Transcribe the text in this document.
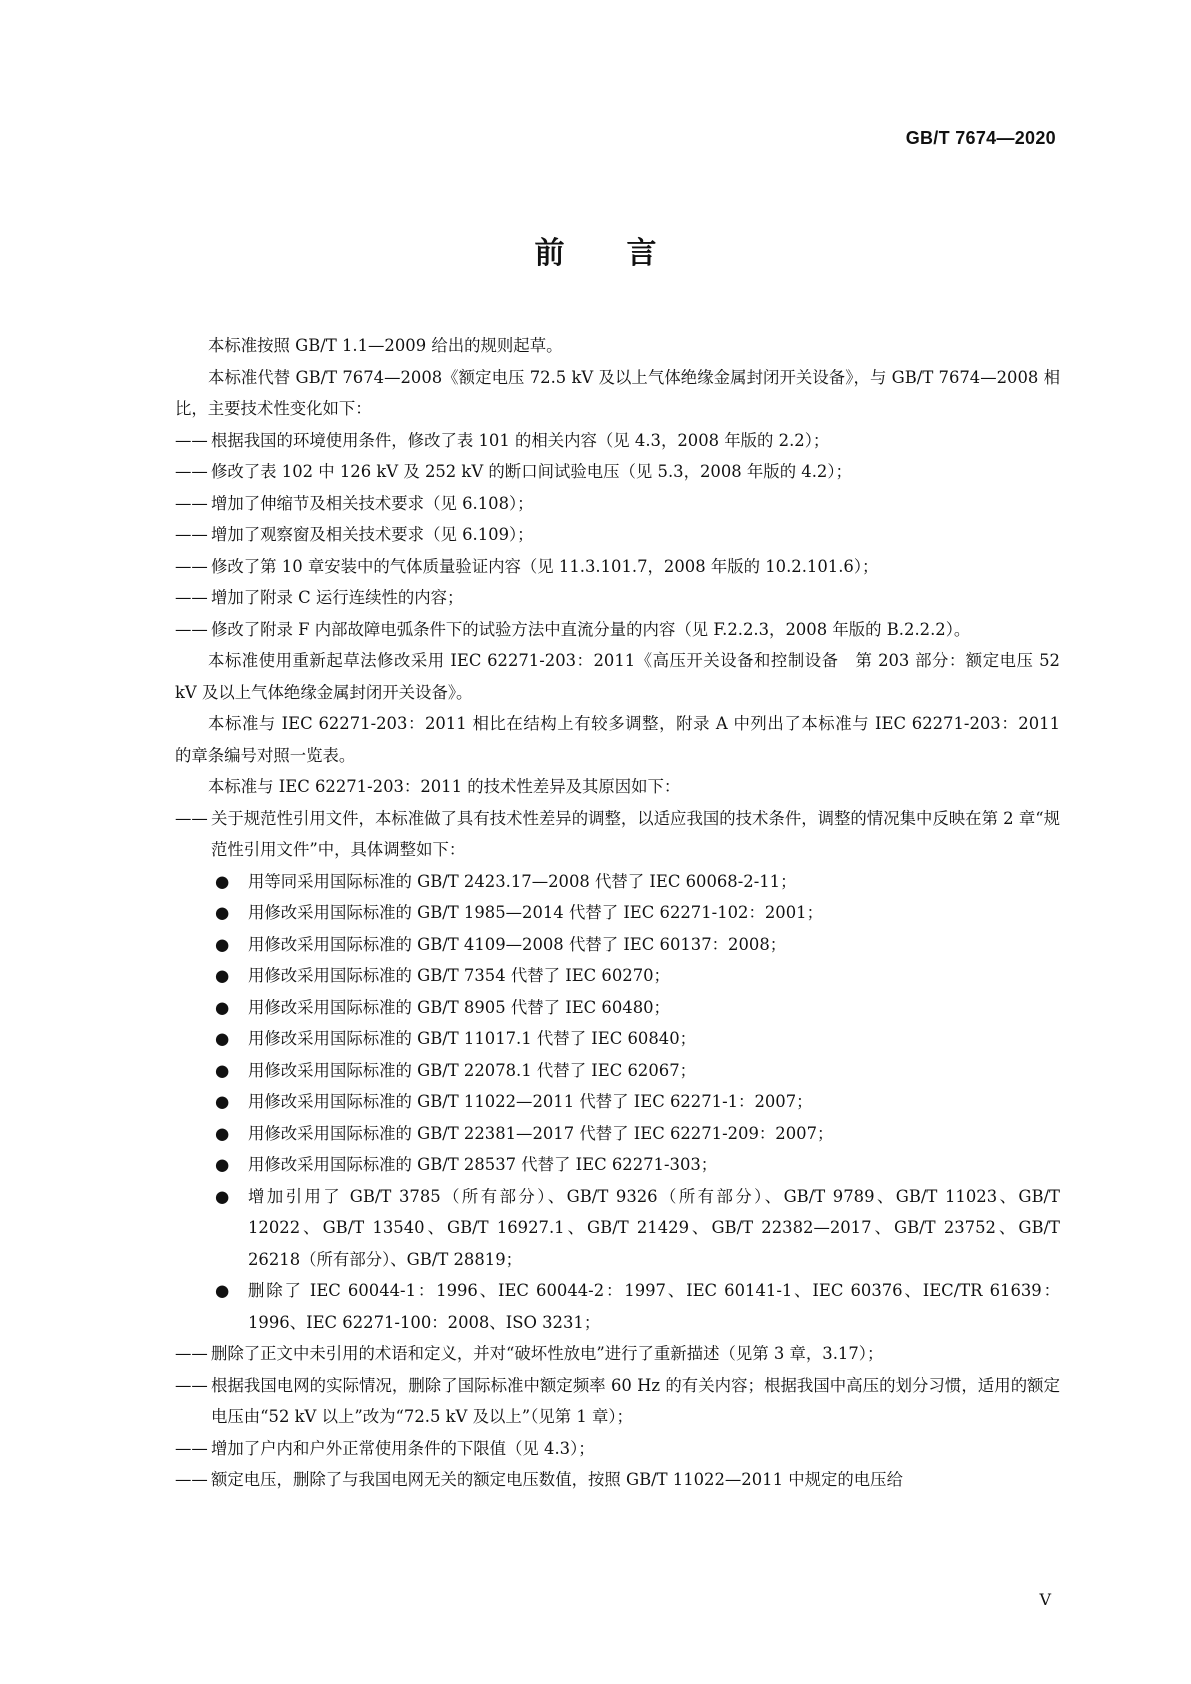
GB/T 7674—2020
前 言

本标准按照 GB/T 1.1—2009 给出的规则起草。

本标准代替 GB/T 7674—2008《额定电压 72.5 kV 及以上气体绝缘金属封闭开关设备》，与 GB/T 7674—2008 相比，主要技术性变化如下：

—— 根据我国的环境使用条件，修改了表 101 的相关内容（见 4.3，2008 年版的 2.2）；
—— 修改了表 102 中 126 kV 及 252 kV 的断口间试验电压（见 5.3，2008 年版的 4.2）；
—— 增加了伸缩节及相关技术要求（见 6.108）；
—— 增加了观察窗及相关技术要求（见 6.109）；
—— 修改了第 10 章安装中的气体质量验证内容（见 11.3.101.7，2008 年版的 10.2.101.6）；
—— 增加了附录 C 运行连续性的内容；
—— 修改了附录 F 内部故障电弧条件下的试验方法中直流分量的内容（见 F.2.2.3，2008 年版的 B.2.2.2）。

本标准使用重新起草法修改采用 IEC 62271-203：2011《高压开关设备和控制设备　第 203 部分：额定电压 52 kV 及以上气体绝缘金属封闭开关设备》。

本标准与 IEC 62271-203：2011 相比在结构上有较多调整，附录 A 中列出了本标准与 IEC 62271-203：2011 的章条编号对照一览表。

本标准与 IEC 62271-203：2011 的技术性差异及其原因如下：

—— 关于规范性引用文件，本标准做了具有技术性差异的调整，以适应我国的技术条件，调整的情况集中反映在第 2 章“规范性引用文件”中，具体调整如下：
● 用等同采用国际标准的 GB/T 2423.17—2008 代替了 IEC 60068-2-11；
● 用修改采用国际标准的 GB/T 1985—2014 代替了 IEC 62271-102：2001；
● 用修改采用国际标准的 GB/T 4109—2008 代替了 IEC 60137：2008；
● 用修改采用国际标准的 GB/T 7354 代替了 IEC 60270；
● 用修改采用国际标准的 GB/T 8905 代替了 IEC 60480；
● 用修改采用国际标准的 GB/T 11017.1 代替了 IEC 60840；
● 用修改采用国际标准的 GB/T 22078.1 代替了 IEC 62067；
● 用修改采用国际标准的 GB/T 11022—2011 代替了 IEC 62271-1：2007；
● 用修改采用国际标准的 GB/T 22381—2017 代替了 IEC 62271-209：2007；
● 用修改采用国际标准的 GB/T 28537 代替了 IEC 62271-303；
● 增加引用了 GB/T 3785（所有部分）、GB/T 9326（所有部分）、GB/T 9789、GB/T 11023、GB/T 12022、GB/T 13540、GB/T 16927.1、GB/T 21429、GB/T 22382—2017、GB/T 23752、GB/T 26218（所有部分）、GB/T 28819；
● 删除了 IEC 60044-1：1996、IEC 60044-2：1997、IEC 60141-1、IEC 60376、IEC/TR 61639：1996、IEC 62271-100：2008、ISO 3231；
—— 删除了正文中未引用的术语和定义，并对“破坏性放电”进行了重新描述（见第 3 章，3.17）；
—— 根据我国电网的实际情况，删除了国际标准中额定频率 60 Hz 的有关内容；根据我国中高压的划分习惯，适用的额定电压由“52 kV 以上”改为“72.5 kV 及以上”（见第 1 章）；
—— 增加了户内和户外正常使用条件的下限值（见 4.3）；
—— 额定电压，删除了与我国电网无关的额定电压数值，按照 GB/T 11022—2011 中规定的电压给
V
